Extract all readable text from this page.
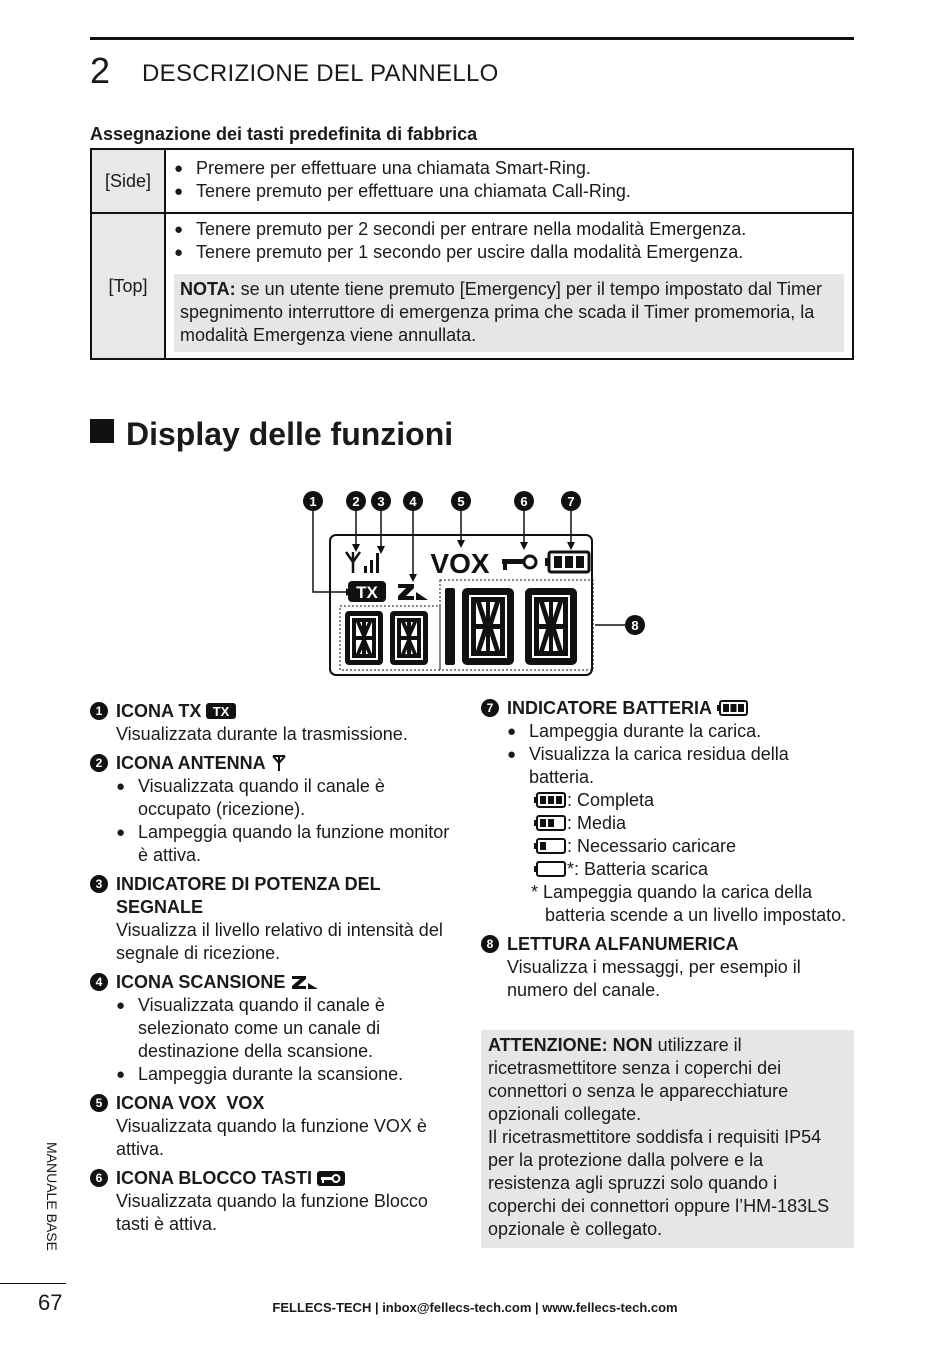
2 DESCRIZIONE DEL PANNELLO
Assegnazione dei tasti predefinita di fabbrica
[Side]	● Premere per effettuare una chiamata Smart-Ring.
● Tenere premuto per effettuare una chiamata Call-Ring.

[Top]	● Tenere premuto per 2 secondi per entrare nella modalità Emergenza.
● Tenere premuto per 1 secondo per uscire dalla modalità Emergenza.
NOTA: se un utente tiene premuto [Emergency] per il tempo impostato dal Timer spegnimento interruttore di emergenza prima che scada il Timer promemoria, la modalità Emergenza viene annullata.
Display delle funzioni
1	2 3 4	5	6	7
8
VOX
TX
1 ICONA TX TX
Visualizzata durante la trasmissione.
2 ICONA ANTENNA
● Visualizzata quando il canale è occupato (ricezione).
● Lampeggia quando la funzione monitor è attiva.
3 INDICATORE DI POTENZA DEL SEGNALE
Visualizza il livello relativo di intensità del segnale di ricezione.
4 ICONA SCANSIONE
● Visualizzata quando il canale è selezionato come un canale di destinazione della scansione.
● Lampeggia durante la scansione.
5 ICONA VOX VOX
Visualizzata quando la funzione VOX è attiva.
6 ICONA BLOCCO TASTI
Visualizzata quando la funzione Blocco tasti è attiva.
7 INDICATORE BATTERIA
● Lampeggia durante la carica.
● Visualizza la carica residua della batteria.
: Completa
: Media
: Necessario caricare
*: Batteria scarica
* Lampeggia quando la carica della batteria scende a un livello impostato.
8 LETTURA ALFANUMERICA
Visualizza i messaggi, per esempio il numero del canale.
ATTENZIONE: NON utilizzare il ricetrasmettitore senza i coperchi dei connettori o senza le apparecchiature opzionali collegate.
Il ricetrasmettitore soddisfa i requisiti IP54 per la protezione dalla polvere e la resistenza agli spruzzi solo quando i coperchi dei connettori oppure l’HM-183LS opzionale è collegato.
MANUALE BASE
67	FELLECS-TECH | inbox@fellecs-tech.com | www.fellecs-tech.com
